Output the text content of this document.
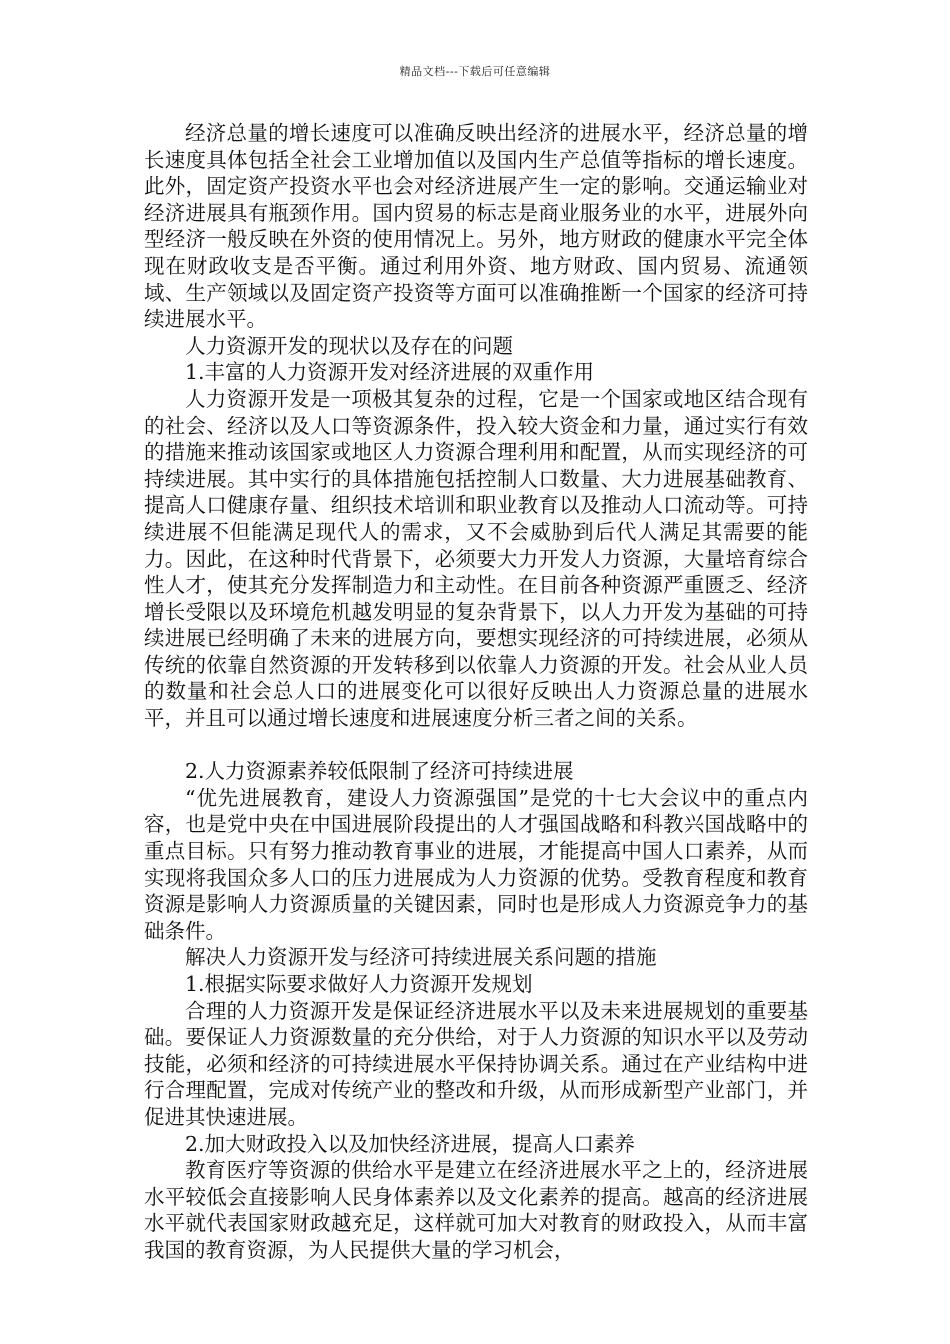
精品文档---下载后可任意编辑

经济总量的增长速度可以准确反映出经济的进展水平，经济总量的增长速度具体包括全社会工业增加值以及国内生产总值等指标的增长速度。此外，固定资产投资水平也会对经济进展产生一定的影响。交通运输业对经济进展具有瓶颈作用。国内贸易的标志是商业服务业的水平，进展外向型经济一般反映在外资的使用情况上。另外，地方财政的健康水平完全体现在财政收支是否平衡。通过利用外资、地方财政、国内贸易、流通领域、生产领域以及固定资产投资等方面可以准确推断一个国家的经济可持续进展水平。

人力资源开发的现状以及存在的问题

1.丰富的人力资源开发对经济进展的双重作用

人力资源开发是一项极其复杂的过程，它是一个国家或地区结合现有的社会、经济以及人口等资源条件，投入较大资金和力量，通过实行有效的措施来推动该国家或地区人力资源合理利用和配置，从而实现经济的可持续进展。其中实行的具体措施包括控制人口数量、大力进展基础教育、提高人口健康存量、组织技术培训和职业教育以及推动人口流动等。可持续进展不但能满足现代人的需求，又不会威胁到后代人满足其需要的能力。因此，在这种时代背景下，必须要大力开发人力资源，大量培育综合性人才，使其充分发挥制造力和主动性。在目前各种资源严重匮乏、经济增长受限以及环境危机越发明显的复杂背景下，以人力开发为基础的可持续进展已经明确了未来的进展方向，要想实现经济的可持续进展，必须从传统的依靠自然资源的开发转移到以依靠人力资源的开发。社会从业人员的数量和社会总人口的进展变化可以很好反映出人力资源总量的进展水平，并且可以通过增长速度和进展速度分析三者之间的关系。

2.人力资源素养较低限制了经济可持续进展

“优先进展教育，建设人力资源强国”是党的十七大会议中的重点内容，也是党中央在中国进展阶段提出的人才强国战略和科教兴国战略中的重点目标。只有努力推动教育事业的进展，才能提高中国人口素养，从而实现将我国众多人口的压力进展成为人力资源的优势。受教育程度和教育资源是影响人力资源质量的关键因素，同时也是形成人力资源竞争力的基础条件。

解决人力资源开发与经济可持续进展关系问题的措施

1.根据实际要求做好人力资源开发规划

合理的人力资源开发是保证经济进展水平以及未来进展规划的重要基础。要保证人力资源数量的充分供给，对于人力资源的知识水平以及劳动技能，必须和经济的可持续进展水平保持协调关系。通过在产业结构中进行合理配置，完成对传统产业的整改和升级，从而形成新型产业部门，并促进其快速进展。

2.加大财政投入以及加快经济进展，提高人口素养

教育医疗等资源的供给水平是建立在经济进展水平之上的，经济进展水平较低会直接影响人民身体素养以及文化素养的提高。越高的经济进展水平就代表国家财政越充足，这样就可加大对教育的财政投入，从而丰富我国的教育资源，为人民提供大量的学习机会，
